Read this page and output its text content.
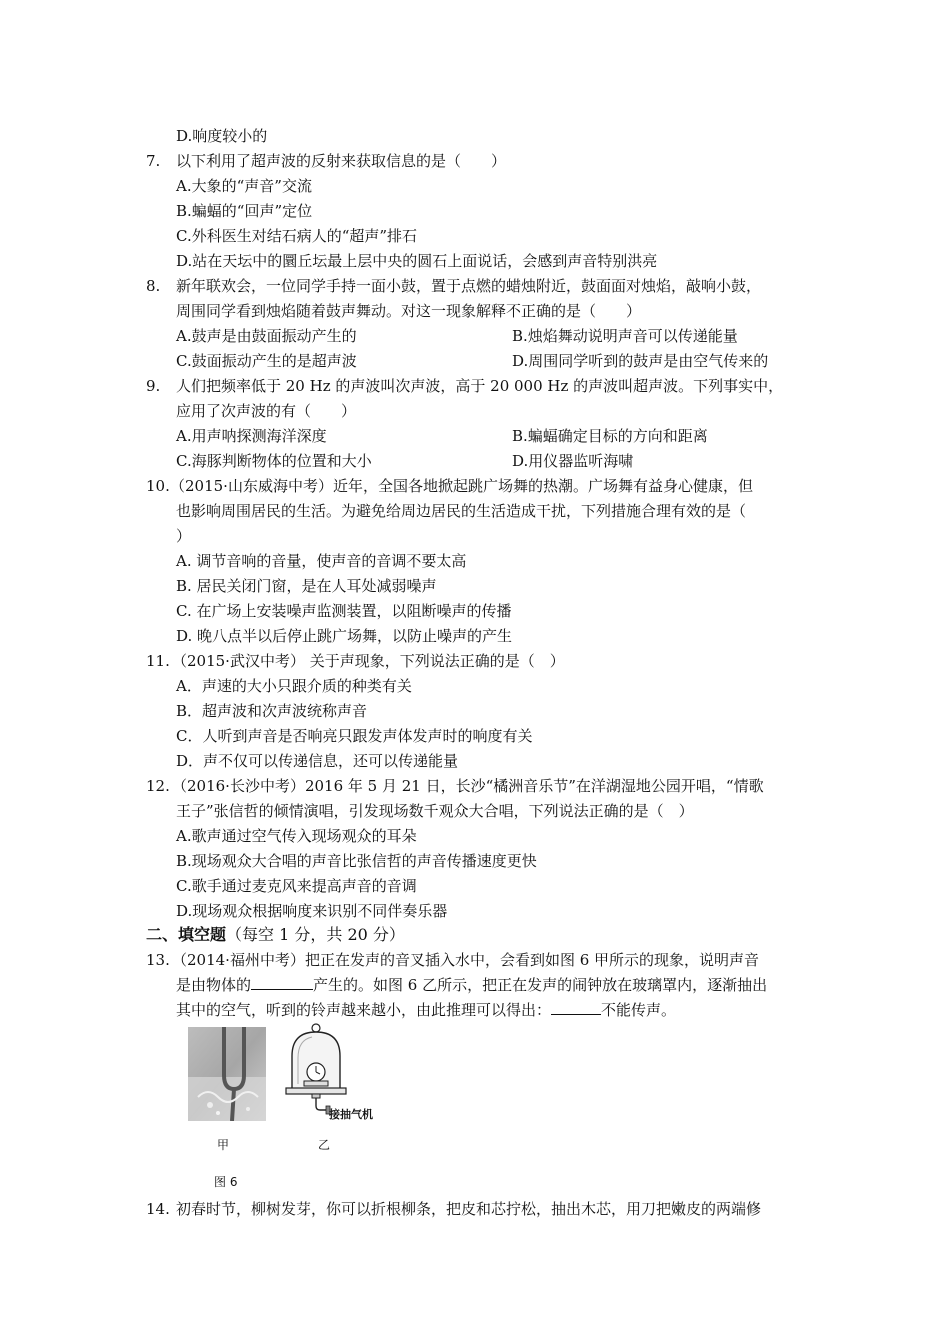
D.响度较小的
7. 以下利用了超声波的反射来获取信息的是（　　）
A.大象的“声音”交流
B.蝙蝠的“回声”定位
C.外科医生对结石病人的“超声”排石
D.站在天坛中的圜丘坛最上层中央的圆石上面说话，会感到声音特别洪亮
8. 新年联欢会，一位同学手持一面小鼓，置于点燃的蜡烛附近，鼓面面对烛焰，敲响小鼓，
周围同学看到烛焰随着鼓声舞动。对这一现象解释不正确的是（　　）
A.鼓声是由鼓面振动产生的	B.烛焰舞动说明声音可以传递能量
C.鼓面振动产生的是超声波	D.周围同学听到的鼓声是由空气传来的
9. 人们把频率低于 20 Hz 的声波叫次声波，高于 20 000 Hz 的声波叫超声波。下列事实中，
应用了次声波的有（　　）
A.用声呐探测海洋深度	B.蝙蝠确定目标的方向和距离
C.海豚判断物体的位置和大小	D.用仪器监听海啸
10. （2015·山东威海中考）近年，全国各地掀起跳广场舞的热潮。广场舞有益身心健康，但
也影响周围居民的生活。为避免给周边居民的生活造成干扰，下列措施合理有效的是（
）
A. 调节音响的音量，使声音的音调不要太高
B. 居民关闭门窗，是在人耳处减弱噪声
C. 在广场上安装噪声监测装置，以阻断噪声的传播
D. 晚八点半以后停止跳广场舞，以防止噪声的产生
11. （2015·武汉中考） 关于声现象，下列说法正确的是（　）
A．声速的大小只跟介质的种类有关
B．超声波和次声波统称声音
C．人听到声音是否响亮只跟发声体发声时的响度有关
D．声不仅可以传递信息，还可以传递能量
12. （2016·长沙中考）2016 年 5 月 21 日，长沙“橘洲音乐节”在洋湖湿地公园开唱，“情歌
王子”张信哲的倾情演唱，引发现场数千观众大合唱，下列说法正确的是（　）
A.歌声通过空气传入现场观众的耳朵
B.现场观众大合唱的声音比张信哲的声音传播速度更快
C.歌手通过麦克风来提高声音的音调
D.现场观众根据响度来识别不同伴奏乐器
二、填空题（每空 1 分，共 20 分）
13. （2014·福州中考）把正在发声的音叉插入水中，会看到如图 6 甲所示的现象，说明声音
是由物体的	产生的。如图 6 乙所示，把正在发声的闹钟放在玻璃罩内，逐渐抽出
其中的空气，听到的铃声越来越小，由此推理可以得出：	不能传声。
接抽气机
甲	乙
图 6
14. 初春时节，柳树发芽，你可以折根柳条，把皮和芯拧松，抽出木芯，用刀把嫩皮的两端修
